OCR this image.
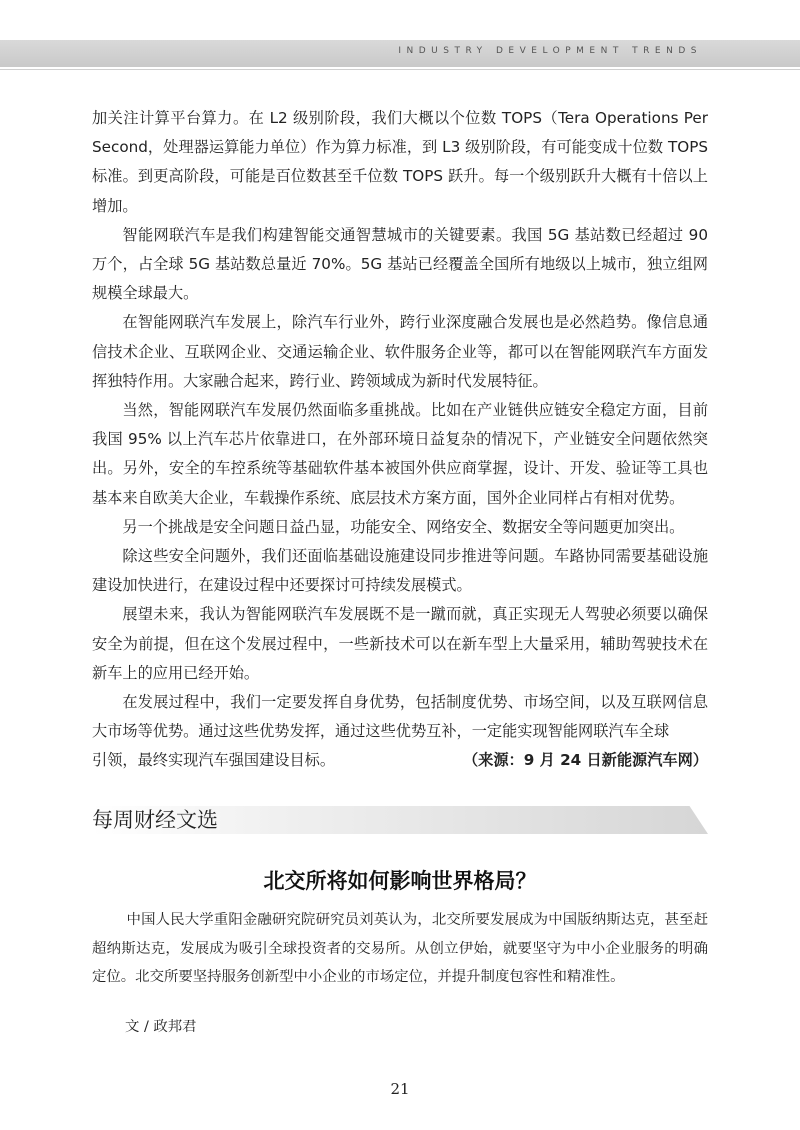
INDUSTRY DEVELOPMENT TRENDS

加关注计算平台算力。在 L2 级别阶段，我们大概以个位数 TOPS（Tera Operations Per Second，处理器运算能力单位）作为算力标准，到 L3 级别阶段，有可能变成十位数 TOPS 标准。到更高阶段，可能是百位数甚至千位数 TOPS 跃升。每一个级别跃升大概有十倍以上增加。

智能网联汽车是我们构建智能交通智慧城市的关键要素。我国 5G 基站数已经超过 90 万个，占全球 5G 基站数总量近 70%。5G 基站已经覆盖全国所有地级以上城市，独立组网规模全球最大。

在智能网联汽车发展上，除汽车行业外，跨行业深度融合发展也是必然趋势。像信息通信技术企业、互联网企业、交通运输企业、软件服务企业等，都可以在智能网联汽车方面发挥独特作用。大家融合起来，跨行业、跨领域成为新时代发展特征。

当然，智能网联汽车发展仍然面临多重挑战。比如在产业链供应链安全稳定方面，目前我国 95% 以上汽车芯片依靠进口，在外部环境日益复杂的情况下，产业链安全问题依然突出。另外，安全的车控系统等基础软件基本被国外供应商掌握，设计、开发、验证等工具也基本来自欧美大企业，车载操作系统、底层技术方案方面，国外企业同样占有相对优势。

另一个挑战是安全问题日益凸显，功能安全、网络安全、数据安全等问题更加突出。

除这些安全问题外，我们还面临基础设施建设同步推进等问题。车路协同需要基础设施建设加快进行，在建设过程中还要探讨可持续发展模式。

展望未来，我认为智能网联汽车发展既不是一蹴而就，真正实现无人驾驶必须要以确保安全为前提，但在这个发展过程中，一些新技术可以在新车型上大量采用，辅助驾驶技术在新车上的应用已经开始。

在发展过程中，我们一定要发挥自身优势，包括制度优势、市场空间，以及互联网信息大市场等优势。通过这些优势发挥，通过这些优势互补，一定能实现智能网联汽车全球

引领，最终实现汽车强国建设目标。	（来源：9 月 24 日新能源汽车网）
每周财经文选
北交所将如何影响世界格局？

中国人民大学重阳金融研究院研究员刘英认为，北交所要发展成为中国版纳斯达克，甚至赶超纳斯达克，发展成为吸引全球投资者的交易所。从创立伊始，就要坚守为中小企业服务的明确定位。北交所要坚持服务创新型中小企业的市场定位，并提升制度包容性和精准性。

文 / 政邦君
21
